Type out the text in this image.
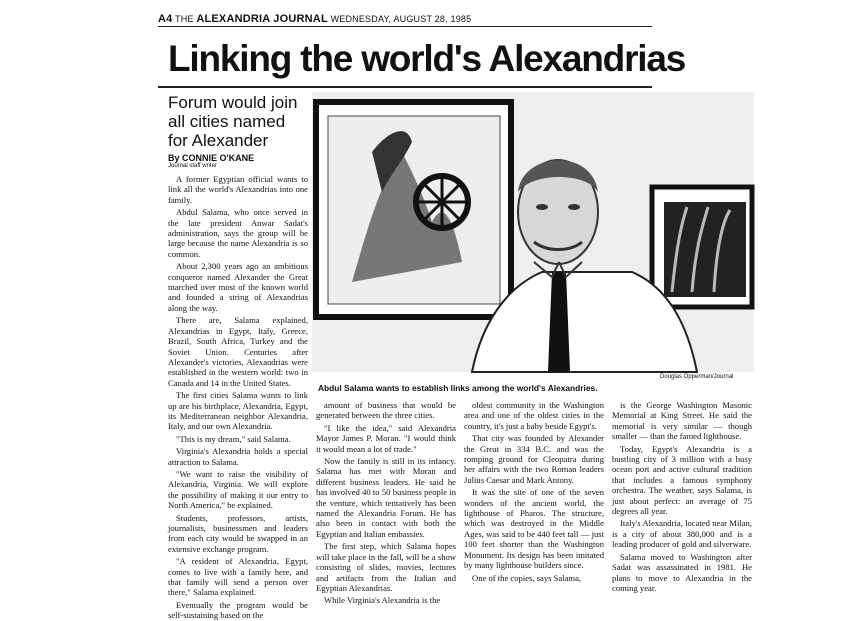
A4 THE ALEXANDRIA JOURNAL WEDNESDAY, AUGUST 28, 1985
Linking the world's Alexandrias
Forum would join all cities named for Alexander
By CONNIE O'KANE
Journal staff writer

A former Egyptian official wants to link all the world's Alexandrias into one family.

Abdul Salama, who once served in the late president Anwar Sadat's administration, says the group will be large because the name Alexandria is so common.

About 2,300 years ago an ambitious conqueror named Alexander the Great marched over most of the known world and founded a string of Alexandrias along the way.

There are, Salama explained, Alexandrias in Egypt, Italy, Greece, Brazil, South Africa, Turkey and the Soviet Union. Centuries after Alexander's victories, Alexandrias were established in the western world: two in Canada and 14 in the United States.

The first cities Salama wants to link up are his birthplace, Alexandria, Egypt, its Mediterranean neighbor Alexandria, Italy, and our own Alexandria.

"This is my dream," said Salama.

Virginia's Alexandria holds a special attraction to Salama.

"We want to raise the visibility of Alexandria, Virginia. We will explore the possibility of making it our entry to North America," he explained.

Students, professors, artists, journalists, businessmen and leaders from each city would be swapped in an extensive exchange program.

"A resident of Alexandria, Egypt, comes to live with a family here, and that family will send a person over there," Salama explained.

Eventually the program would be self-sustaining based on the

Douglas Opperman/Journal
Abdul Salama wants to establish links among the world's Alexandries.

amount of business that would be generated between the three cities.

"I like the idea," said Alexandria Mayor James P. Moran. "I would think it would mean a lot of trade."

Now the family is still in its infancy. Salama has met with Moran and different business leaders. He said he has involved 40 to 50 business people in the venture, which tentatively has been named the Alexandria Forum. He has also been in contact with both the Egyptian and Italian embassies.

The first step, which Salama hopes will take place in the fall, will be a show consisting of slides, movies, lectures and artifacts from the Italian and Egyptian Alexandrias.

While Virginia's Alexandria is the

oldest community in the Washington area and one of the oldest cities in the country, it's just a baby beside Egypt's.

That city was founded by Alexander the Great in 334 B.C. and was the romping ground for Cleopatra during her affairs with the two Roman leaders Julius Caesar and Mark Antony.

It was the site of one of the seven wonders of the ancient world, the lighthouse of Pharos. The structure, which was destroyed in the Middle Ages, was said to be 440 feet tall — just 100 feet shorter than the Washington Monument. Its design has been imitated by many lighthouse builders since.

One of the copies, says Salama,

is the George Washington Masonic Memorial at King Street. He said the memorial is very similar — though smaller — than the famed lighthouse.

Today, Egypt's Alexandria is a bustling city of 3 million with a busy ocean port and active cultural tradition that includes a famous symphony orchestra. The weather, says Salama, is just about perfect: an average of 75 degrees all year.

Italy's Alexandria, located near Milan, is a city of about 380,000 and is a leading producer of gold and silverware.

Salama moved to Washington after Sadat was assassinated in 1981. He plans to move to Alexandria in the coming year.
